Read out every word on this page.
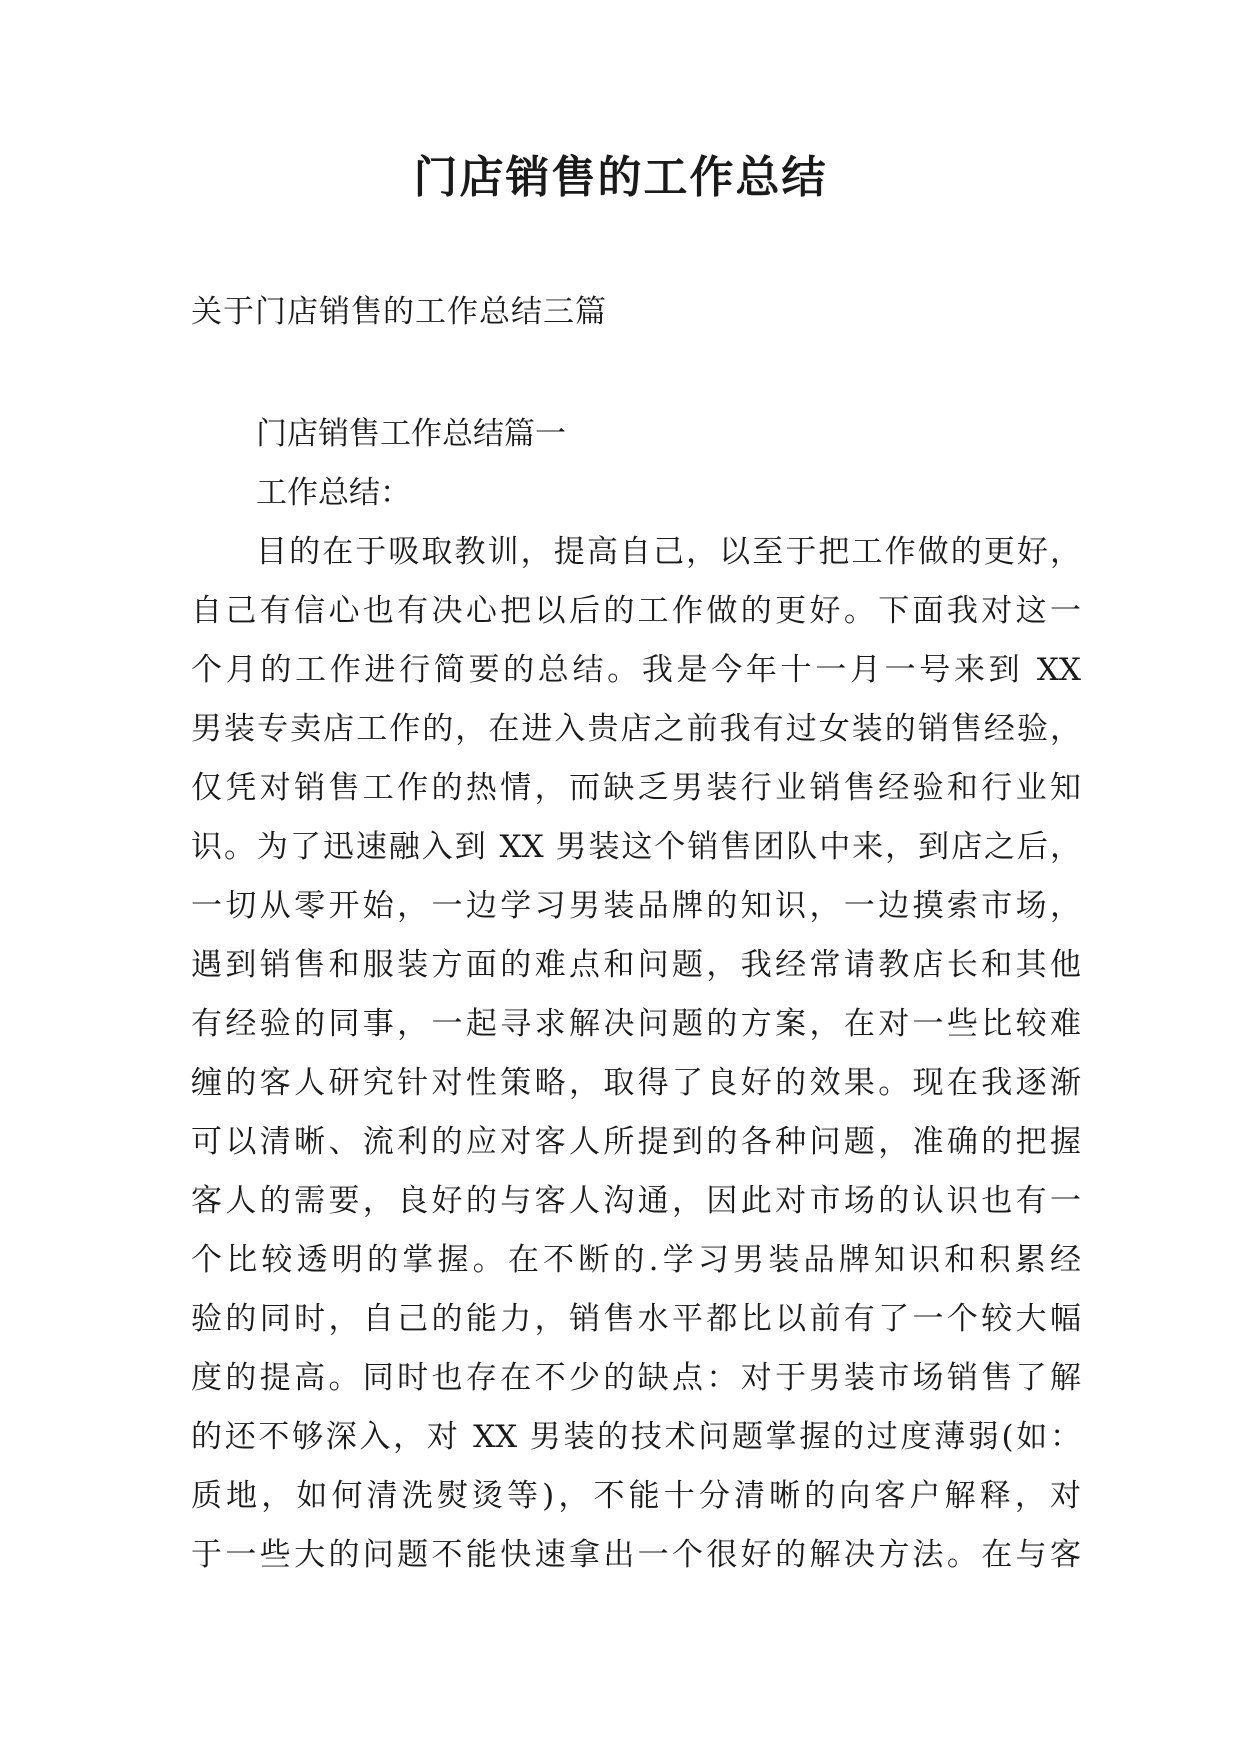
门店销售的工作总结

关于门店销售的工作总结三篇

门店销售工作总结篇一
工作总结：
目的在于吸取教训，提高自己，以至于把工作做的更好，
自己有信心也有决心把以后的工作做的更好。下面我对这一
个月的工作进行简要的总结。我是今年十一月一号来到 XX
男装专卖店工作的，在进入贵店之前我有过女装的销售经验，
仅凭对销售工作的热情，而缺乏男装行业销售经验和行业知
识。为了迅速融入到 XX 男装这个销售团队中来，到店之后，
一切从零开始，一边学习男装品牌的知识，一边摸索市场，
遇到销售和服装方面的难点和问题，我经常请教店长和其他
有经验的同事，一起寻求解决问题的方案，在对一些比较难
缠的客人研究针对性策略，取得了良好的效果。现在我逐渐
可以清晰、流利的应对客人所提到的各种问题，准确的把握
客人的需要，良好的与客人沟通，因此对市场的认识也有一
个比较透明的掌握。在不断的.学习男装品牌知识和积累经
验的同时，自己的能力，销售水平都比以前有了一个较大幅
度的提高。同时也存在不少的缺点：对于男装市场销售了解
的还不够深入，对 XX 男装的技术问题掌握的过度薄弱(如：
质地，如何清洗熨烫等)，不能十分清晰的向客户解释，对
于一些大的问题不能快速拿出一个很好的解决方法。在与客
